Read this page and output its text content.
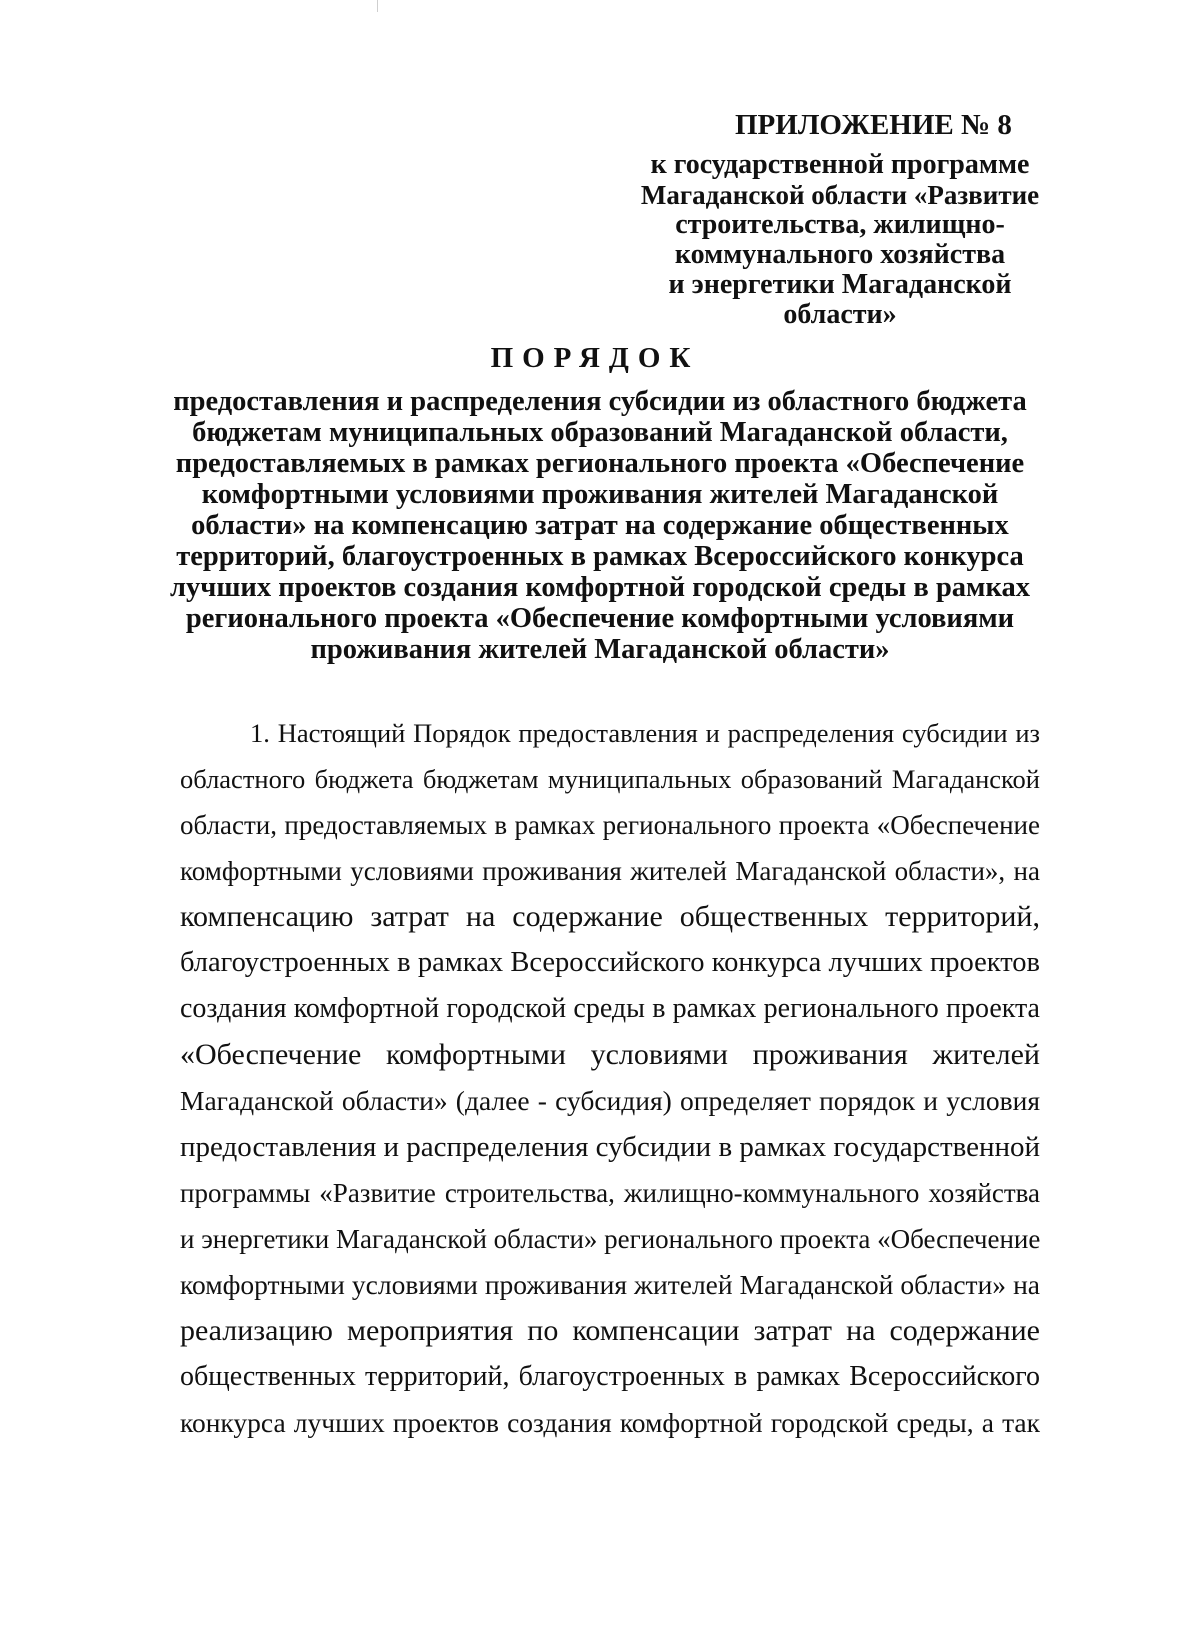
ПРИЛОЖЕНИЕ № 8
к государственной программе
Магаданской области «Развитие
строительства, жилищно-
коммунального хозяйства
и энергетики Магаданской
области»
ПОРЯДОК
предоставления и распределения субсидии из областного бюджета
бюджетам муниципальных образований Магаданской области,
предоставляемых в рамках регионального проекта «Обеспечение
комфортными условиями проживания жителей Магаданской
области» на компенсацию затрат на содержание общественных
территорий, благоустроенных в рамках Всероссийского конкурса
лучших проектов создания комфортной городской среды в рамках
регионального проекта «Обеспечение комфортными условиями
проживания жителей Магаданской области»
1. Настоящий Порядок предоставления и распределения субсидии из
областного бюджета бюджетам муниципальных образований Магаданской
области, предоставляемых в рамках регионального проекта «Обеспечение
комфортными условиями проживания жителей Магаданской области», на
компенсацию затрат на содержание общественных территорий,
благоустроенных в рамках Всероссийского конкурса лучших проектов
создания комфортной городской среды в рамках регионального проекта
«Обеспечение комфортными условиями проживания жителей
Магаданской области» (далее - субсидия) определяет порядок и условия
предоставления и распределения субсидии в рамках государственной
программы «Развитие строительства, жилищно-коммунального хозяйства
и энергетики Магаданской области» регионального проекта «Обеспечение
комфортными условиями проживания жителей Магаданской области» на
реализацию мероприятия по компенсации затрат на содержание
общественных территорий, благоустроенных в рамках Всероссийского
конкурса лучших проектов создания комфортной городской среды, а так
